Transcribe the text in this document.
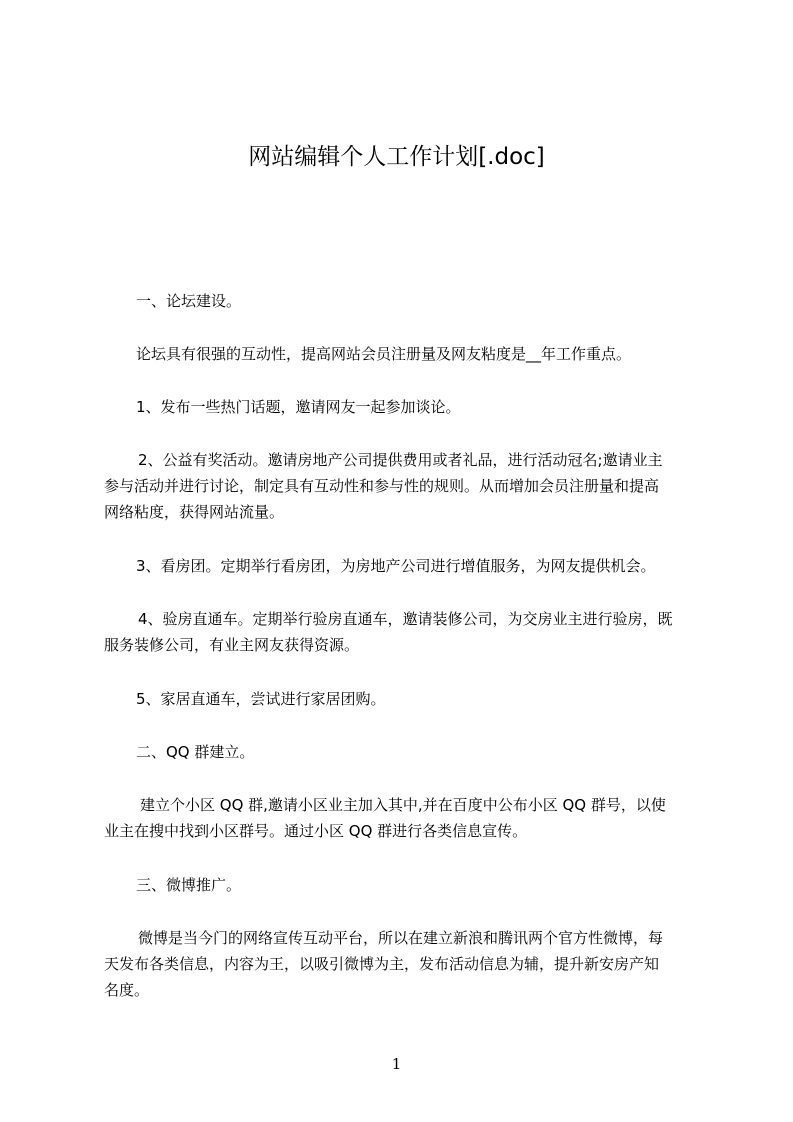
网站编辑个人工作计划[.doc]
一、论坛建设。
论坛具有很强的互动性，提高网站会员注册量及网友粘度是__年工作重点。
1、发布一些热门话题，邀请网友一起参加谈论。
2、公益有奖活动。邀请房地产公司提供费用或者礼品，进行活动冠名;邀请业主
参与活动并进行讨论，制定具有互动性和参与性的规则。从而增加会员注册量和提高
网络粘度，获得网站流量。
3、看房团。定期举行看房团，为房地产公司进行增值服务，为网友提供机会。
4、验房直通车。定期举行验房直通车，邀请装修公司，为交房业主进行验房，既
服务装修公司，有业主网友获得资源。
5、家居直通车，尝试进行家居团购。
二、QQ 群建立。
建立个小区 QQ 群,邀请小区业主加入其中,并在百度中公布小区 QQ 群号，以使
业主在搜中找到小区群号。通过小区 QQ 群进行各类信息宣传。
三、微博推广。
微博是当今门的网络宣传互动平台，所以在建立新浪和腾讯两个官方性微博，每
天发布各类信息，内容为王，以吸引微博为主，发布活动信息为辅，提升新安房产知
名度。
1
